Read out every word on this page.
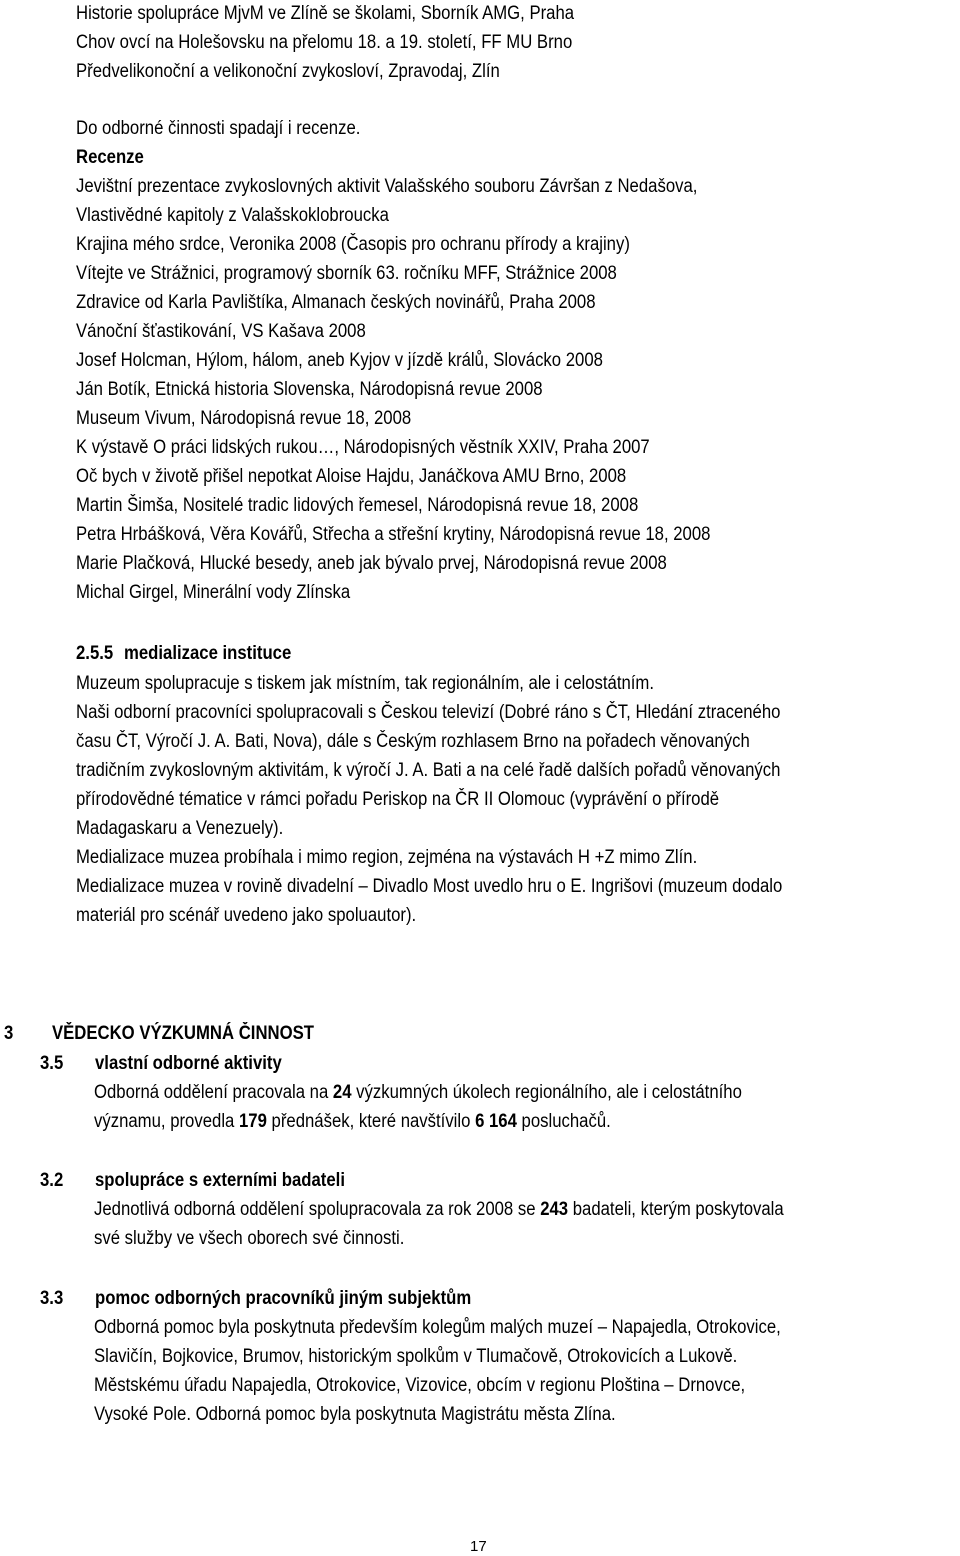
Historie spolupráce MjvM ve Zlíně se školami, Sborník AMG, Praha
Chov ovcí na Holešovsku na přelomu 18. a 19. století, FF MU Brno
Předvelikonoční a velikonoční zvykosloví, Zpravodaj, Zlín
Do odborné činnosti spadají i recenze.
Recenze
Jevištní prezentace zvykoslovných aktivit Valašského souboru Závršan z Nedašova,
Vlastivědné kapitoly z Valašskoklobroucka
Krajina mého srdce, Veronika 2008 (Časopis pro ochranu přírody a krajiny)
Vítejte ve Strážnici, programový sborník 63. ročníku MFF, Strážnice 2008
Zdravice od Karla Pavlištíka, Almanach českých novinářů, Praha 2008
Vánoční šťastikování, VS Kašava 2008
Josef Holcman, Hýlom, hálom, aneb Kyjov v jízdě králů, Slovácko 2008
Ján Botík, Etnická historia Slovenska, Národopisná revue 2008
Museum Vivum, Národopisná revue 18, 2008
K výstavě O práci lidských rukou…, Národopisných věstník XXIV, Praha 2007
Oč bych v životě přišel nepotkat Aloise Hajdu, Janáčkova AMU Brno, 2008
Martin Šimša, Nositelé tradic lidových řemesel, Národopisná revue 18, 2008
Petra Hrbášková, Věra Kovářů, Střecha a střešní krytiny, Národopisná revue 18, 2008
Marie Plačková, Hlucké besedy, aneb jak bývalo prvej, Národopisná revue 2008
Michal Girgel, Minerální vody Zlínska
2.5.5 medializace instituce
Muzeum spolupracuje s tiskem jak místním, tak regionálním, ale i celostátním.
Naši odborní pracovníci spolupracovali s Českou televizí (Dobré ráno s ČT, Hledání ztraceného
času ČT, Výročí J. A. Bati, Nova), dále s Českým rozhlasem Brno na pořadech věnovaných
tradičním zvykoslovným aktivitám, k výročí J. A. Bati a na celé řadě dalších pořadů věnovaných
přírodovědné tématice v rámci pořadu Periskop na ČR II Olomouc (vyprávění o přírodě
Madagaskaru a Venezuely).
Medializace muzea probíhala i mimo region, zejména na výstavách H +Z mimo Zlín.
Medializace muzea v rovině divadelní – Divadlo Most uvedlo hru o E. Ingrišovi (muzeum dodalo
materiál pro scénář uvedeno jako spoluautor).
3 VĚDECKO VÝZKUMNÁ ČINNOST
3.5 vlastní odborné aktivity
Odborná oddělení pracovala na 24 výzkumných úkolech regionálního, ale i celostátního
významu, provedla 179 přednášek, které navštívilo 6 164 posluchačů.
3.2 spolupráce s externími badateli
Jednotlivá odborná oddělení spolupracovala za rok 2008 se 243 badateli, kterým poskytovala
své služby ve všech oborech své činnosti.
3.3 pomoc odborných pracovníků jiným subjektům
Odborná pomoc byla poskytnuta především kolegům malých muzeí – Napajedla, Otrokovice,
Slavičín, Bojkovice, Brumov, historickým spolkům v Tlumačově, Otrokovicích a Lukově.
Městskému úřadu Napajedla, Otrokovice, Vizovice, obcím v regionu Ploština – Drnovce,
Vysoké Pole. Odborná pomoc byla poskytnuta Magistrátu města Zlína.
17
